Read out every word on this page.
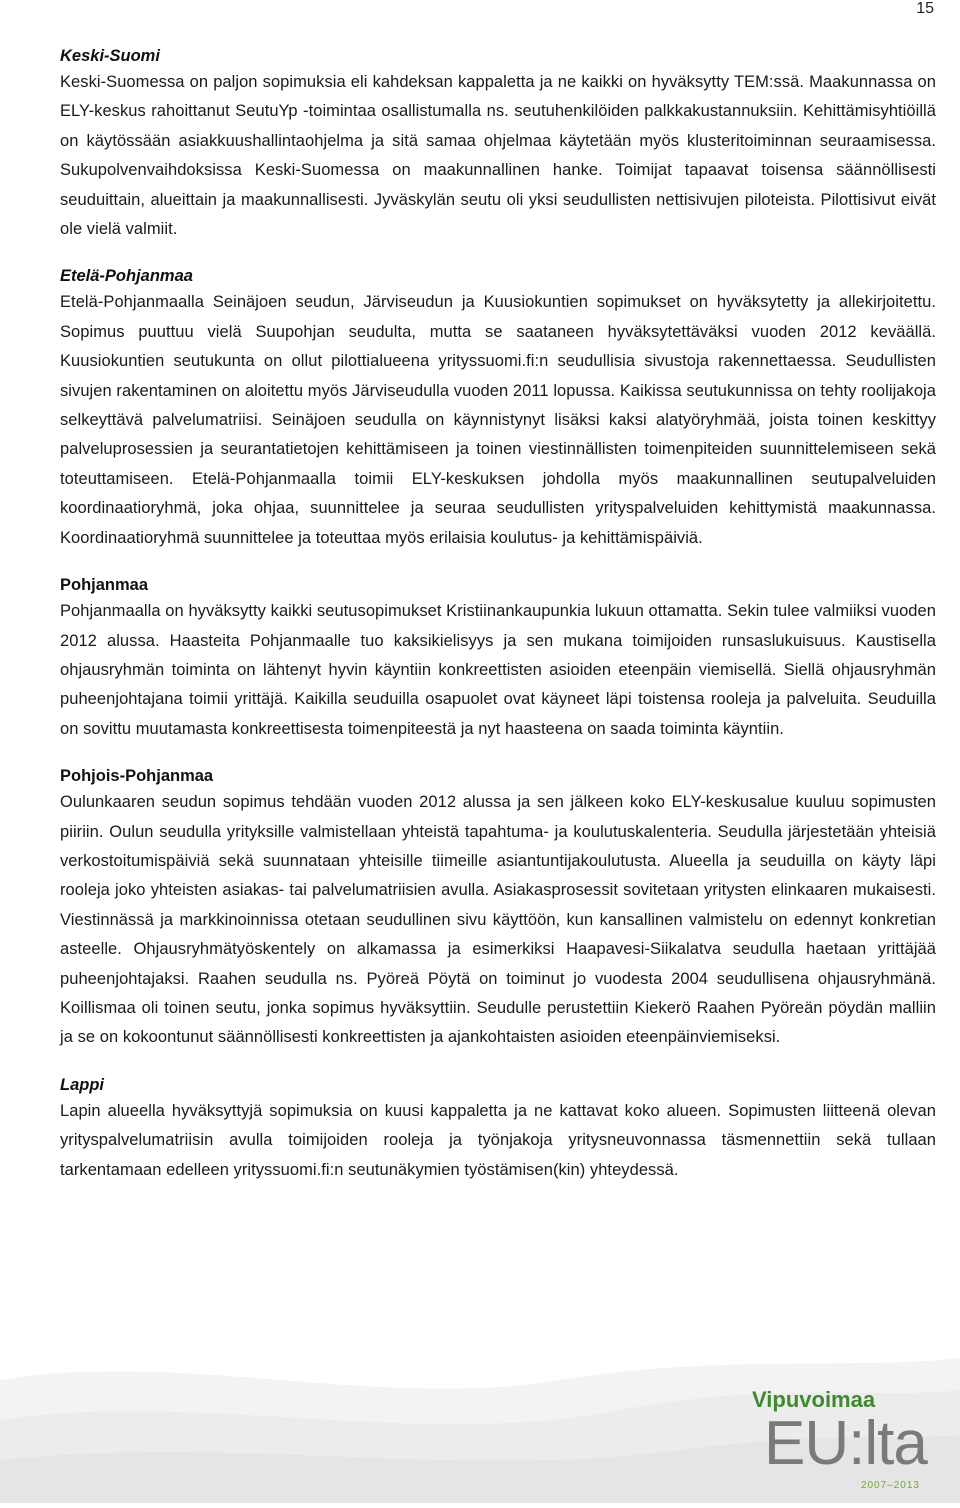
15
Keski-Suomi

Keski-Suomessa on paljon sopimuksia eli kahdeksan kappaletta ja ne kaikki on hyväksytty TEM:ssä. Maakunnassa on ELY-keskus rahoittanut SeutuYp -toimintaa osallistumalla ns. seutuhenkilöiden palkkakustannuksiin. Kehittämisyhtiöillä on käytössään asiakkuushallintaohjelma ja sitä samaa ohjelmaa käytetään myös klusteritoiminnan seuraamisessa. Sukupolvenvaihdoksissa Keski-Suomessa on maakunnallinen hanke. Toimijat tapaavat toisensa säännöllisesti seuduittain, alueittain ja maakunnallisesti. Jyväskylän seutu oli yksi seudullisten nettisivujen piloteista. Pilottisivut eivät ole vielä valmiit.

Etelä-Pohjanmaa

Etelä-Pohjanmaalla Seinäjoen seudun, Järviseudun ja Kuusiokuntien sopimukset on hyväksytetty ja allekirjoitettu. Sopimus puuttuu vielä Suupohjan seudulta, mutta se saataneen hyväksytettäväksi vuoden 2012 keväällä. Kuusiokuntien seutukunta on ollut pilottialueena yrityssuomi.fi:n seudullisia sivustoja rakennettaessa. Seudullisten sivujen rakentaminen on aloitettu myös Järviseudulla vuoden 2011 lopussa. Kaikissa seutukunnissa on tehty roolijakoja selkeyttävä palvelumatriisi. Seinäjoen seudulla on käynnistynyt lisäksi kaksi alatyöryhmää, joista toinen keskittyy palveluprosessien ja seurantatietojen kehittämiseen ja toinen viestinnällisten toimenpiteiden suunnittelemiseen sekä toteuttamiseen. Etelä-Pohjanmaalla toimii ELY-keskuksen johdolla myös maakunnallinen seutupalveluiden koordinaatioryhmä, joka ohjaa, suunnittelee ja seuraa seudullisten yrityspalveluiden kehittymistä maakunnassa. Koordinaatioryhmä suunnittelee ja toteuttaa myös erilaisia koulutus- ja kehittämispäiviä.

Pohjanmaa

Pohjanmaalla on hyväksytty kaikki seutusopimukset Kristiinankaupunkia lukuun ottamatta. Sekin tulee valmiiksi vuoden 2012 alussa. Haasteita Pohjanmaalle tuo kaksikielisyys ja sen mukana toimijoiden runsaslukuisuus. Kaustisella ohjausryhmän toiminta on lähtenyt hyvin käyntiin konkreettisten asioiden eteenpäin viemisellä. Siellä ohjausryhmän puheenjohtajana toimii yrittäjä. Kaikilla seuduilla osapuolet ovat käyneet läpi toistensa rooleja ja palveluita. Seuduilla on sovittu muutamasta konkreettisesta toimenpiteestä ja nyt haasteena on saada toiminta käyntiin.

Pohjois-Pohjanmaa

Oulunkaaren seudun sopimus tehdään vuoden 2012 alussa ja sen jälkeen koko ELY-keskusalue kuuluu sopimusten piiriin. Oulun seudulla yrityksille valmistellaan yhteistä tapahtuma- ja koulutuskalenteria. Seudulla järjestetään yhteisiä verkostoitumispäiviä sekä suunnataan yhteisille tiimeille asiantuntijakoulutusta. Alueella ja seuduilla on käyty läpi rooleja joko yhteisten asiakas- tai palvelumatriisien avulla. Asiakasprosessit sovitetaan yritysten elinkaaren mukaisesti. Viestinnässä ja markkinoinnissa otetaan seudullinen sivu käyttöön, kun kansallinen valmistelu on edennyt konkretian asteelle. Ohjausryhmätyöskentely on alkamassa ja esimerkiksi Haapavesi-Siikalatva seudulla haetaan yrittäjää puheenjohtajaksi. Raahen seudulla ns. Pyöreä Pöytä on toiminut jo vuodesta 2004 seudullisena ohjausryhmänä. Koillismaa oli toinen seutu, jonka sopimus hyväksyttiin. Seudulle perustettiin Kiekerö Raahen Pyöreän pöydän malliin ja se on kokoontunut säännöllisesti konkreettisten ja ajankohtaisten asioiden eteenpäinviemiseksi.

Lappi

Lapin alueella hyväksyttyjä sopimuksia on kuusi kappaletta ja ne kattavat koko alueen. Sopimusten liitteenä olevan yrityspalvelumatriisin avulla toimijoiden rooleja ja työnjakoja yritysneuvonnassa täsmennettiin sekä tullaan tarkentamaan edelleen yrityssuomi.fi:n seutunäkymien työstämisen(kin) yhteydessä.

Vipuvoimaa
EU:lta
2007–2013
